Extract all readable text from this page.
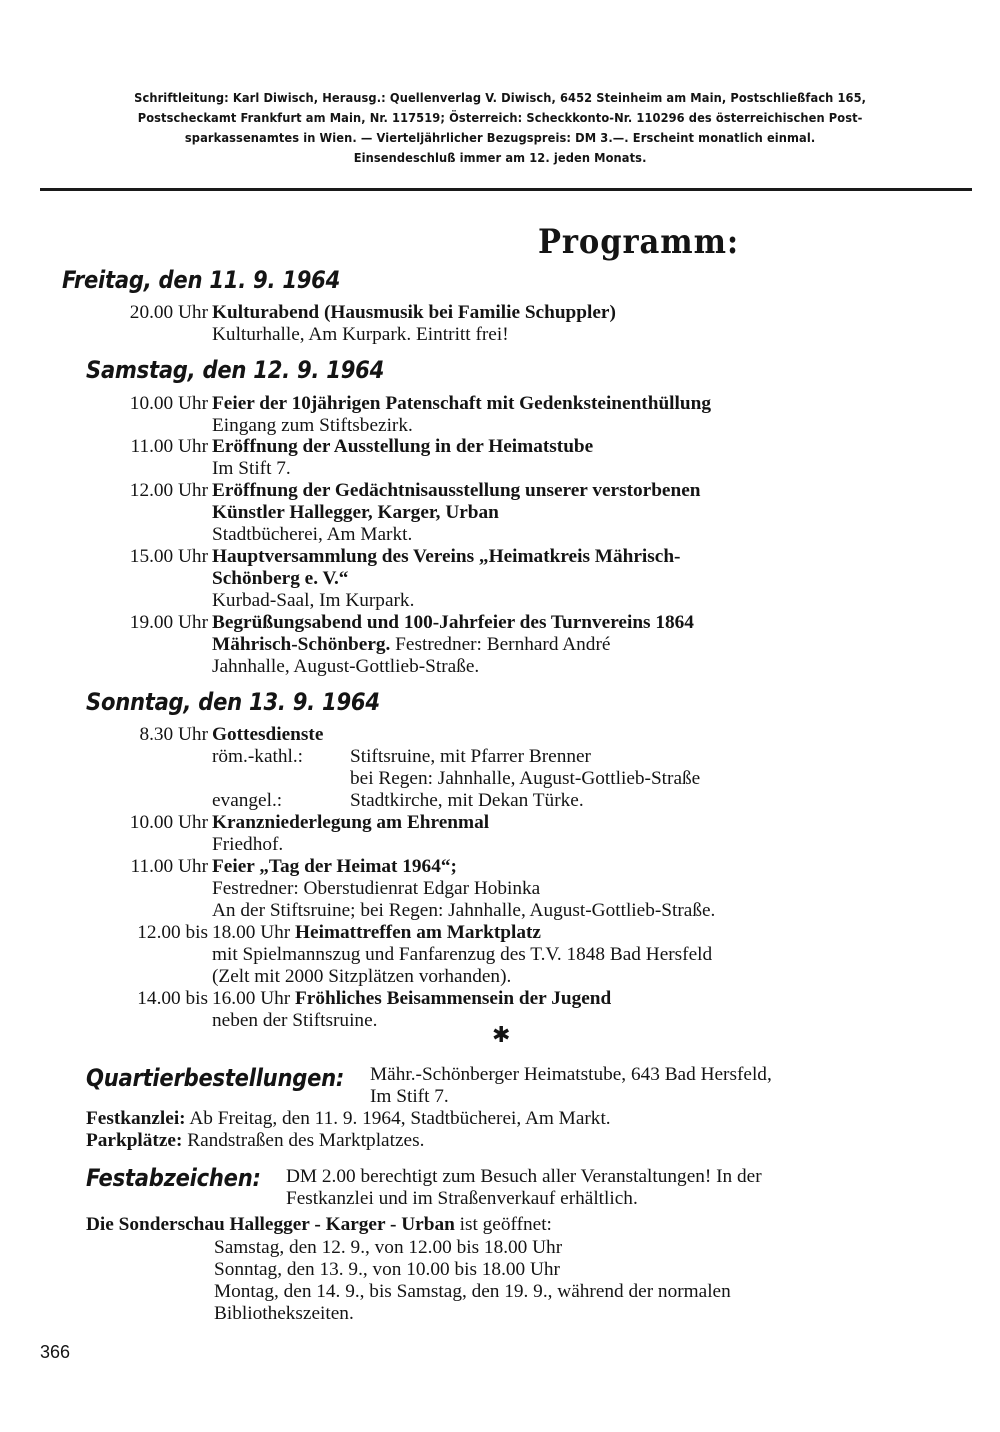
Schriftleitung: Karl Diwisch, Herausg.: Quellenverlag V. Diwisch, 6452 Steinheim am Main, Postschließfach 165,
Postscheckamt Frankfurt am Main, Nr. 117519; Österreich: Scheckkonto-Nr. 110296 des österreichischen Post-
sparkassenamtes in Wien. — Vierteljährlicher Bezugspreis: DM 3.—. Erscheint monatlich einmal.
Einsendeschluß immer am 12. jeden Monats.
Programm:
Freitag, den 11. 9. 1964
20.00 Uhr Kulturabend (Hausmusik bei Familie Schuppler)
Kulturhalle, Am Kurpark. Eintritt frei!
Samstag, den 12. 9. 1964
10.00 Uhr Feier der 10jährigen Patenschaft mit Gedenksteinenthüllung
Eingang zum Stiftsbezirk.
11.00 Uhr Eröffnung der Ausstellung in der Heimatstube
Im Stift 7.
12.00 Uhr Eröffnung der Gedächtnisausstellung unserer verstorbenen
Künstler Hallegger, Karger, Urban
Stadtbücherei, Am Markt.
15.00 Uhr Hauptversammlung des Vereins „Heimatkreis Mährisch-
Schönberg e. V.“
Kurbad-Saal, Im Kurpark.
19.00 Uhr Begrüßungsabend und 100-Jahrfeier des Turnvereins 1864
Mährisch-Schönberg. Festredner: Bernhard André
Jahnhalle, August-Gottlieb-Straße.
Sonntag, den 13. 9. 1964
8.30 Uhr Gottesdienste
röm.-kathl.: Stiftsruine, mit Pfarrer Brenner
bei Regen: Jahnhalle, August-Gottlieb-Straße
evangel.:	Stadtkirche, mit Dekan Türke.
10.00 Uhr Kranzniederlegung am Ehrenmal
Friedhof.
11.00 Uhr Feier „Tag der Heimat 1964“;
Festredner: Oberstudienrat Edgar Hobinka
An der Stiftsruine; bei Regen: Jahnhalle, August-Gottlieb-Straße.
12.00 bis 18.00 Uhr Heimattreffen am Marktplatz
mit Spielmannszug und Fanfarenzug des T.V. 1848 Bad Hersfeld
(Zelt mit 2000 Sitzplätzen vorhanden).
14.00 bis 16.00 Uhr Fröhliches Beisammensein der Jugend
neben der Stiftsruine.
✱
Quartierbestellungen: Mähr.-Schönberger Heimatstube, 643 Bad Hersfeld,
Im Stift 7.
Festkanzlei: Ab Freitag, den 11. 9. 1964, Stadtbücherei, Am Markt.
Parkplätze: Randstraßen des Marktplatzes.
Festabzeichen: DM 2.00 berechtigt zum Besuch aller Veranstaltungen! In der
Festkanzlei und im Straßenverkauf erhältlich.
Die Sonderschau Hallegger - Karger - Urban ist geöffnet:
Samstag, den 12. 9., von 12.00 bis 18.00 Uhr
Sonntag, den 13. 9., von 10.00 bis 18.00 Uhr
Montag, den 14. 9., bis Samstag, den 19. 9., während der normalen
Bibliothekszeiten.
366
